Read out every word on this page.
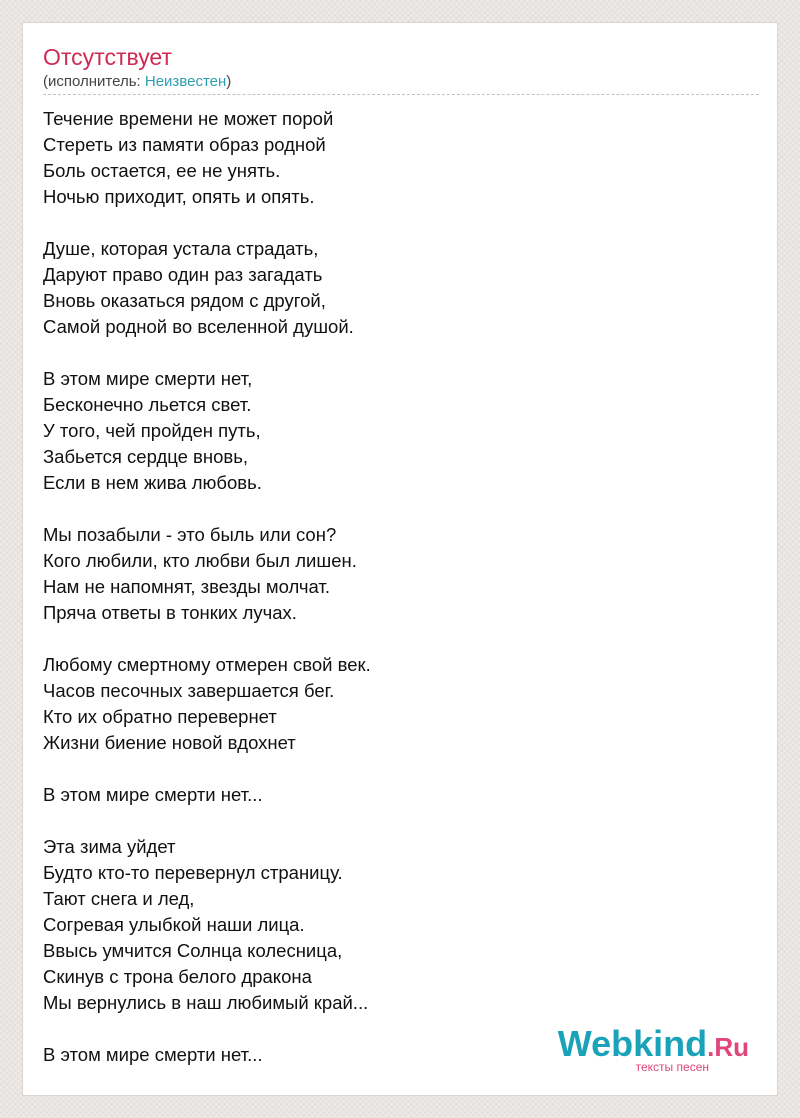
Отсутствует
(исполнитель: Неизвестен)
Течение времени не может порой
Стереть из памяти образ родной
Боль остается, ее не унять.
Ночью приходит, опять и опять.
Душе, которая устала страдать,
Даруют право один раз загадать
Вновь оказаться рядом с другой,
Самой родной во вселенной душой.
В этом мире смерти нет,
Бесконечно льется свет.
У того, чей пройден путь,
Забьется сердце вновь,
Если в нем жива любовь.
Мы позабыли - это быль или сон?
Кого любили, кто любви был лишен.
Нам не напомнят, звезды молчат.
Пряча ответы в тонких лучах.
Любому смертному отмерен свой век.
Часов песочных завершается бег.
Кто их обратно перевернет
Жизни биение новой вдохнет
В этом мире смерти нет...
Эта зима уйдет
Будто кто-то перевернул страницу.
Тают снега и лед,
Согревая улыбкой наши лица.
Ввысь умчится Солнца колесница,
Скинув с трона белого дракона
Мы вернулись в наш любимый край...
В этом мире смерти нет...	Webkind.Ru
тексты песен
